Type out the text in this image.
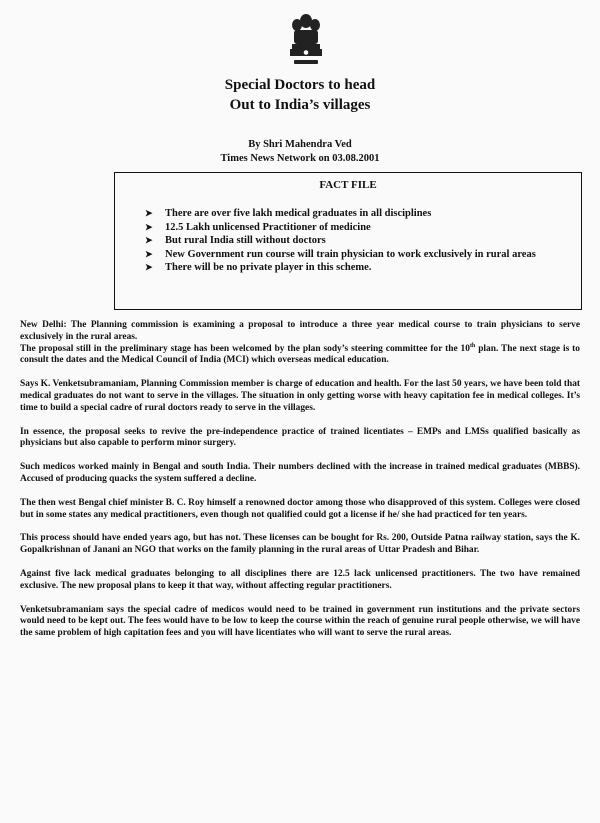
Special Doctors to head
Out to India’s villages
By Shri Mahendra Ved
Times News Network on 03.08.2001
FACT FILE
➤ There are over five lakh medical graduates in all disciplines
➤ 12.5 Lakh unlicensed Practitioner of medicine
➤ But rural India still without doctors
➤ New Government run course will train physician to work exclusively in rural areas
➤ There will be no private player in this scheme.

New Delhi: The Planning commission is examining a proposal to introduce a three year medical course to train physicians to serve exclusively in the rural areas.

The proposal still in the preliminary stage has been welcomed by the plan sody’s steering committee for the 10th plan. The next stage is to consult the dates and the Medical Council of India (MCI) which overseas medical education.

Says K. Venketsubramaniam, Planning Commission member is charge of education and health. For the last 50 years, we have been told that medical graduates do not want to serve in the villages. The situation in only getting worse with heavy capitation fee in medical colleges. It’s time to build a special cadre of rural doctors ready to serve in the villages.

In essence, the proposal seeks to revive the pre-independence practice of trained licentiates – EMPs and LMSs qualified basically as physicians but also capable to perform minor surgery.

Such medicos worked mainly in Bengal and south India. Their numbers declined with the increase in trained medical graduates (MBBS). Accused of producing quacks the system suffered a decline.

The then west Bengal chief minister B. C. Roy himself a renowned doctor among those who disapproved of this system. Colleges were closed but in some states any medical practitioners, even though not qualified could got a license if he/ she had practiced for ten years.

This process should have ended years ago, but has not. These licenses can be bought for Rs. 200, Outside Patna railway station, says the K. Gopalkrishnan of Janani an NGO that works on the family planning in the rural areas of Uttar Pradesh and Bihar.

Against five lack medical graduates belonging to all disciplines there are 12.5 lack unlicensed practitioners. The two have remained exclusive. The new proposal plans to keep it that way, without affecting regular practitioners.

Venketsubramaniam says the special cadre of medicos would need to be trained in government run institutions and the private sectors would need to be kept out. The fees would have to be low to keep the course within the reach of genuine rural people otherwise, we will have the same problem of high capitation fees and you will have licentiates who will want to serve the rural areas.
